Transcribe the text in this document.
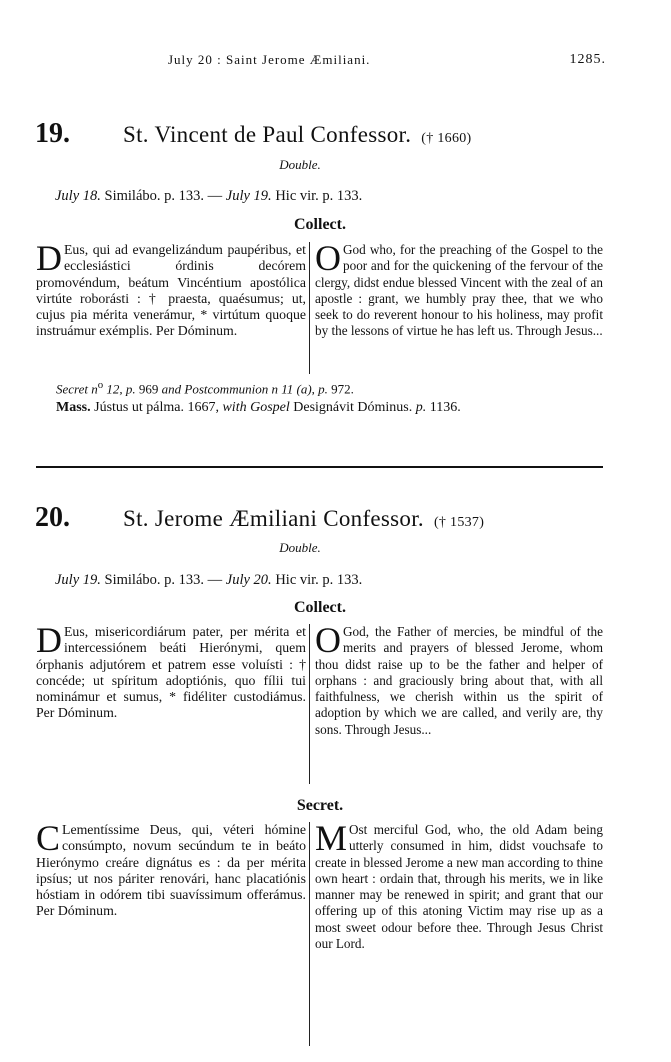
July 20 : Saint Jerome Æmiliani.	1285.
19. St. Vincent de Paul Confessor. († 1660)
Double.
July 18. Similábo. p. 133. — July 19. Hic vir. p. 133.
Collect.
D Eus, qui ad evangelizándum paupéribus, et ecclesiástici órdinis decórem promovéndum, beátum Vincéntium apostólica virtúte roborásti : † praesta, quaésumus; ut, cujus pia mérita venerámur, * virtútum quoque instruámur exémplis. Per Dóminum.
O God who, for the preaching of the Gospel to the poor and for the quickening of the fervour of the clergy, didst endue blessed Vincent with the zeal of an apostle : grant, we humbly pray thee, that we who seek to do reverent honour to his holiness, may profit by the lessons of virtue he has left us. Through Jesus...
Secret $n^o$ 12, p. 969 and Postcommunion n 11 (a), p. 972.
Mass. Jústus ut pálma. 1667, with Gospel Designávit Dóminus. p. 1136.
20. St. Jerome Æmiliani Confessor. († 1537)
Double.
July 19. Similábo. p. 133. — July 20. Hic vir. p. 133.
Collect.
D Eus, misericordiárum pater, per mérita et intercessiónem beáti Hierónymi, quem órphanis adjutórem et patrem esse voluísti : † concéde; ut spíritum adoptiónis, quo fílii tui nominámur et sumus, * fidéliter custodiámus. Per Dóminum.
O God, the Father of mercies, be mindful of the merits and prayers of blessed Jerome, whom thou didst raise up to be the father and helper of orphans : and graciously bring about that, with all faithfulness, we cherish within us the spirit of adoption by which we are called, and verily are, thy sons. Through Jesus...
Secret.
C Lementíssime Deus, qui, véteri hómine consúmpto, novum secúndum te in beáto Hierónymo creáre dignátus es : da per mérita ipsíus; ut nos páriter renovári, hanc placatiónis hóstiam in odórem tibi suavíssimum offerámus. Per Dóminum.
M Ost merciful God, who, the old Adam being utterly consumed in him, didst vouchsafe to create in blessed Jerome a new man according to thine own heart : ordain that, through his merits, we in like manner may be renewed in spirit; and grant that our offering up of this atoning Victim may rise up as a most sweet odour before thee. Through Jesus Christ our Lord.
